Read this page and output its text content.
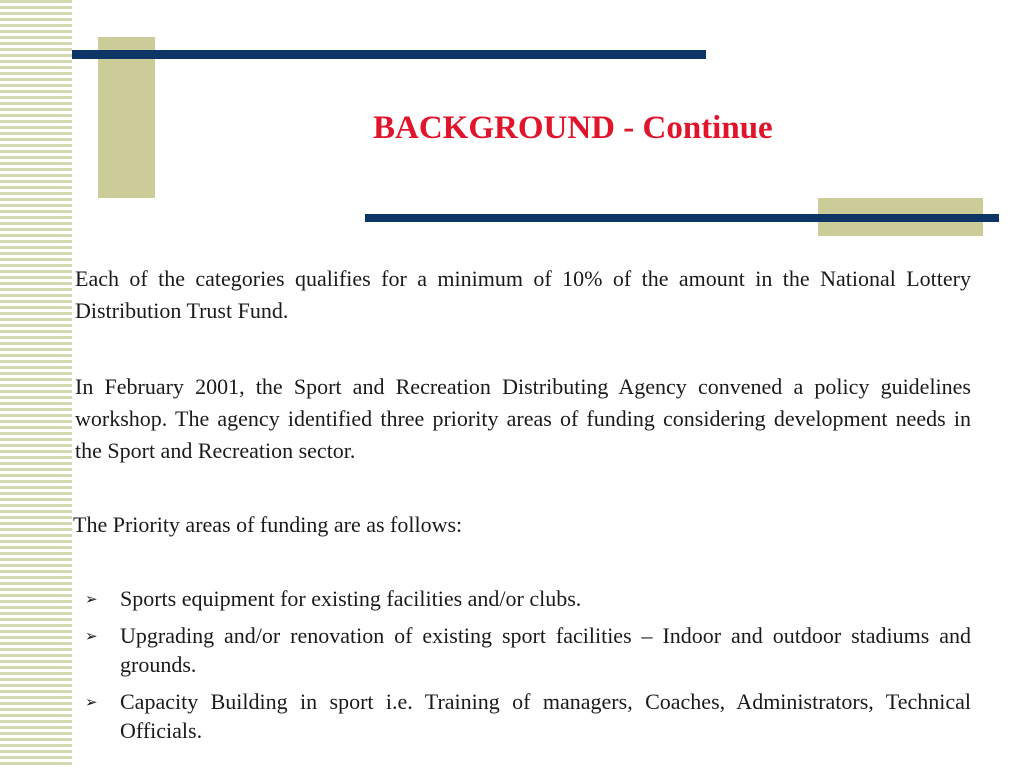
BACKGROUND - Continue

Each of the categories qualifies for a minimum of 10% of the amount in the National Lottery Distribution Trust Fund.

In February 2001, the Sport and Recreation Distributing Agency convened a policy guidelines workshop. The agency identified three priority areas of funding considering development needs in the Sport and Recreation sector.

The Priority areas of funding are as follows:

➢ Sports equipment for existing facilities and/or clubs.
➢ Upgrading and/or renovation of existing sport facilities – Indoor and outdoor stadiums and grounds.
➢ Capacity Building in sport i.e. Training of managers, Coaches, Administrators, Technical Officials.
